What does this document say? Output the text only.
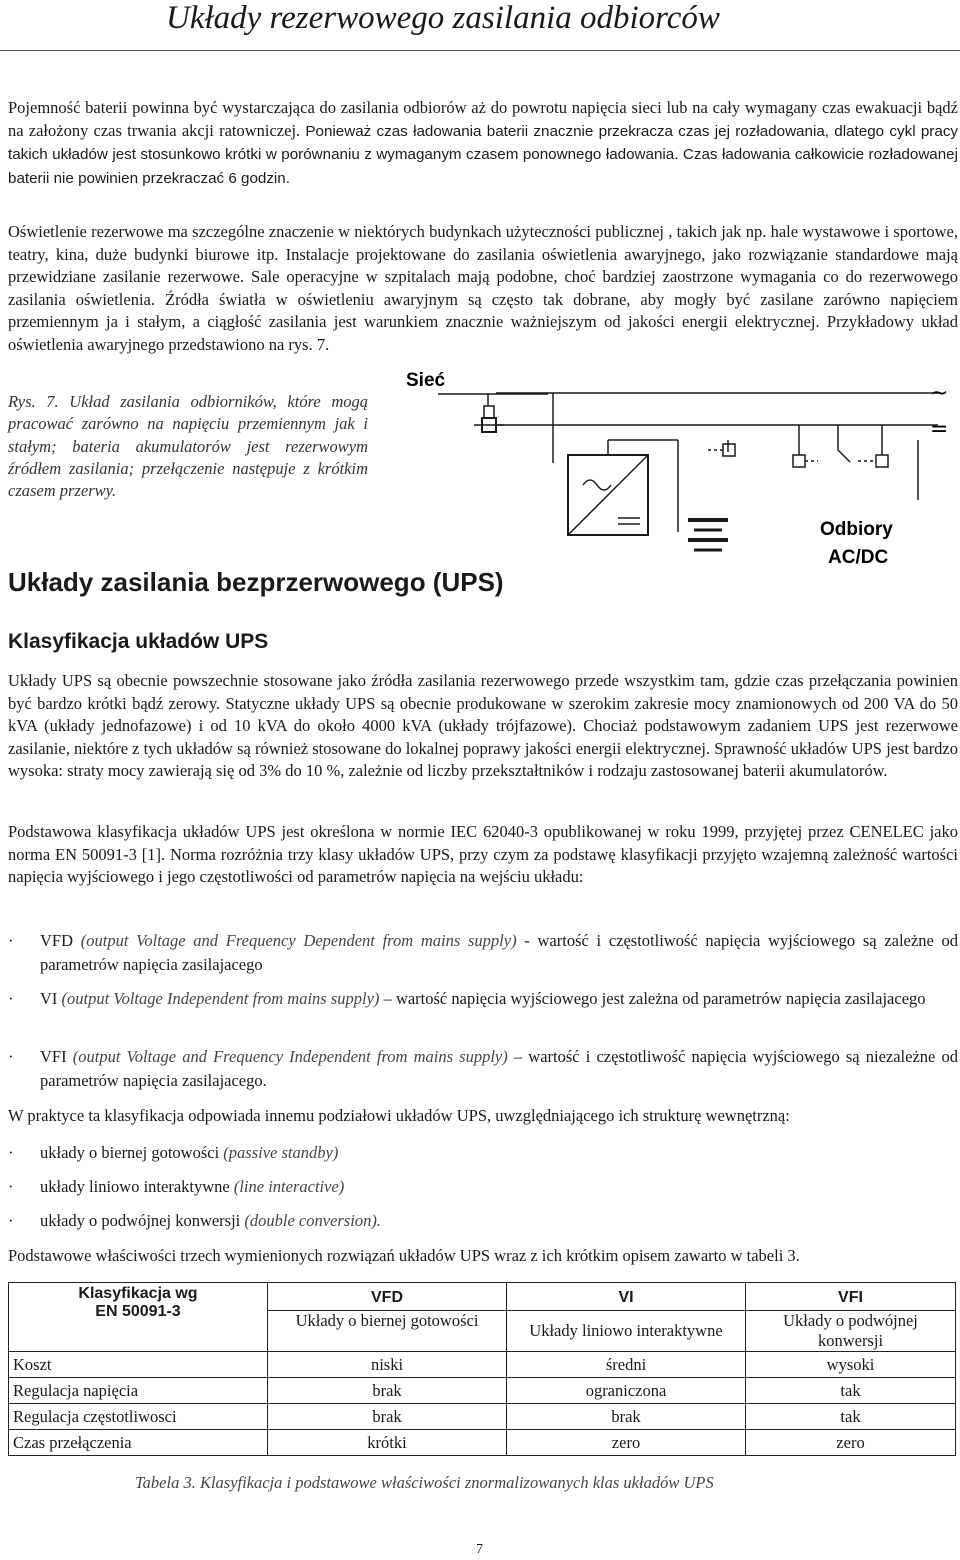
Układy rezerwowego zasilania odbiorców
Pojemność baterii powinna być wystarczająca do zasilania odbiorów aż do powrotu napięcia sieci lub na cały wymagany czas ewakuacji bądź na założony czas trwania akcji ratowniczej. Ponieważ czas ładowania baterii znacznie przekracza czas jej rozładowania, dlatego cykl pracy takich układów jest stosunkowo krótki w porównaniu z wymaganym czasem ponownego ładowania. Czas ładowania całkowicie rozładowanej baterii nie powinien przekraczać 6 godzin.
Oświetlenie rezerwowe ma szczególne znaczenie w niektórych budynkach użyteczności publicznej , takich jak np. hale wystawowe i sportowe, teatry, kina, duże budynki biurowe itp. Instalacje projektowane do zasilania oświetlenia awaryjnego, jako rozwiązanie standardowe mają przewidziane zasilanie rezerwowe. Sale operacyjne w szpitalach mają podobne, choć bardziej zaostrzone wymagania co do rezerwowego zasilania oświetlenia. Źródła światła w oświetleniu awaryjnym są często tak dobrane, aby mogły być zasilane zarówno napięciem przemiennym ja i stałym, a ciągłość zasilania jest warunkiem znacznie ważniejszym od jakości energii elektrycznej. Przykładowy układ oświetlenia awaryjnego przedstawiono na rys. 7.
Rys. 7. Układ zasilania odbiorników, które mogą pracować zarówno na napięciu przemiennym jak i stałym; bateria akumulatorów jest rezerwowym źródłem zasilania; przełączenie następuje z krótkim czasem przerwy.
~
=
Sieć
Odbiory
AC/DC
Układy zasilania bezprzerwowego (UPS)
Klasyfikacja układów UPS
Układy UPS są obecnie powszechnie stosowane jako źródła zasilania rezerwowego przede wszystkim tam, gdzie czas przełączania powinien być bardzo krótki bądź zerowy. Statyczne układy UPS są obecnie produkowane w szerokim zakresie mocy znamionowych od 200 VA do 50 kVA (układy jednofazowe) i od 10 kVA do około 4000 kVA (układy trójfazowe). Chociaż podstawowym zadaniem UPS jest rezerwowe zasilanie, niektóre z tych układów są również stosowane do lokalnej poprawy jakości energii elektrycznej. Sprawność układów UPS jest bardzo wysoka: straty mocy zawierają się od 3% do 10 %, zależnie od liczby przekształtników i rodzaju zastosowanej baterii akumulatorów.
Podstawowa klasyfikacja układów UPS jest określona w normie IEC 62040-3 opublikowanej w roku 1999, przyjętej przez CENELEC jako norma EN 50091-3 [1]. Norma rozróżnia trzy klasy układów UPS, przy czym za podstawę klasyfikacji przyjęto wzajemną zależność wartości napięcia wyjściowego i jego częstotliwości od parametrów napięcia na wejściu układu:
· VFD (output Voltage and Frequency Dependent from mains supply) - wartość i częstotliwość napięcia wyjściowego są zależne od parametrów napięcia zasilajacego
· VI (output Voltage Independent from mains supply) – wartość napięcia wyjściowego jest zależna od parametrów napięcia zasilajacego
· VFI (output Voltage and Frequency Independent from mains supply) – wartość i częstotliwość napięcia wyjściowego są niezależne od parametrów napięcia zasilajacego.
W praktyce ta klasyfikacja odpowiada innemu podziałowi układów UPS, uwzględniającego ich strukturę wewnętrzną:
· układy o biernej gotowości (passive standby)
· układy liniowo interaktywne (line interactive)
· układy o podwójnej konwersji (double conversion).
Podstawowe właściwości trzech wymienionych rozwiązań układów UPS wraz z ich krótkim opisem zawarto w tabeli 3.
Klasyfikacja wg
EN 50091-3	VFD	VI	VFI
	Układy o biernej gotowości	Układy liniowo interaktywne	Układy o podwójnej konwersji
Koszt	niski	średni	wysoki
Regulacja napięcia	brak	ograniczona	tak
Regulacja częstotliwosci	brak	brak	tak
Czas przełączenia	krótki	zero	zero
Tabela 3. Klasyfikacja i podstawowe właściwości znormalizowanych klas układów UPS
7
